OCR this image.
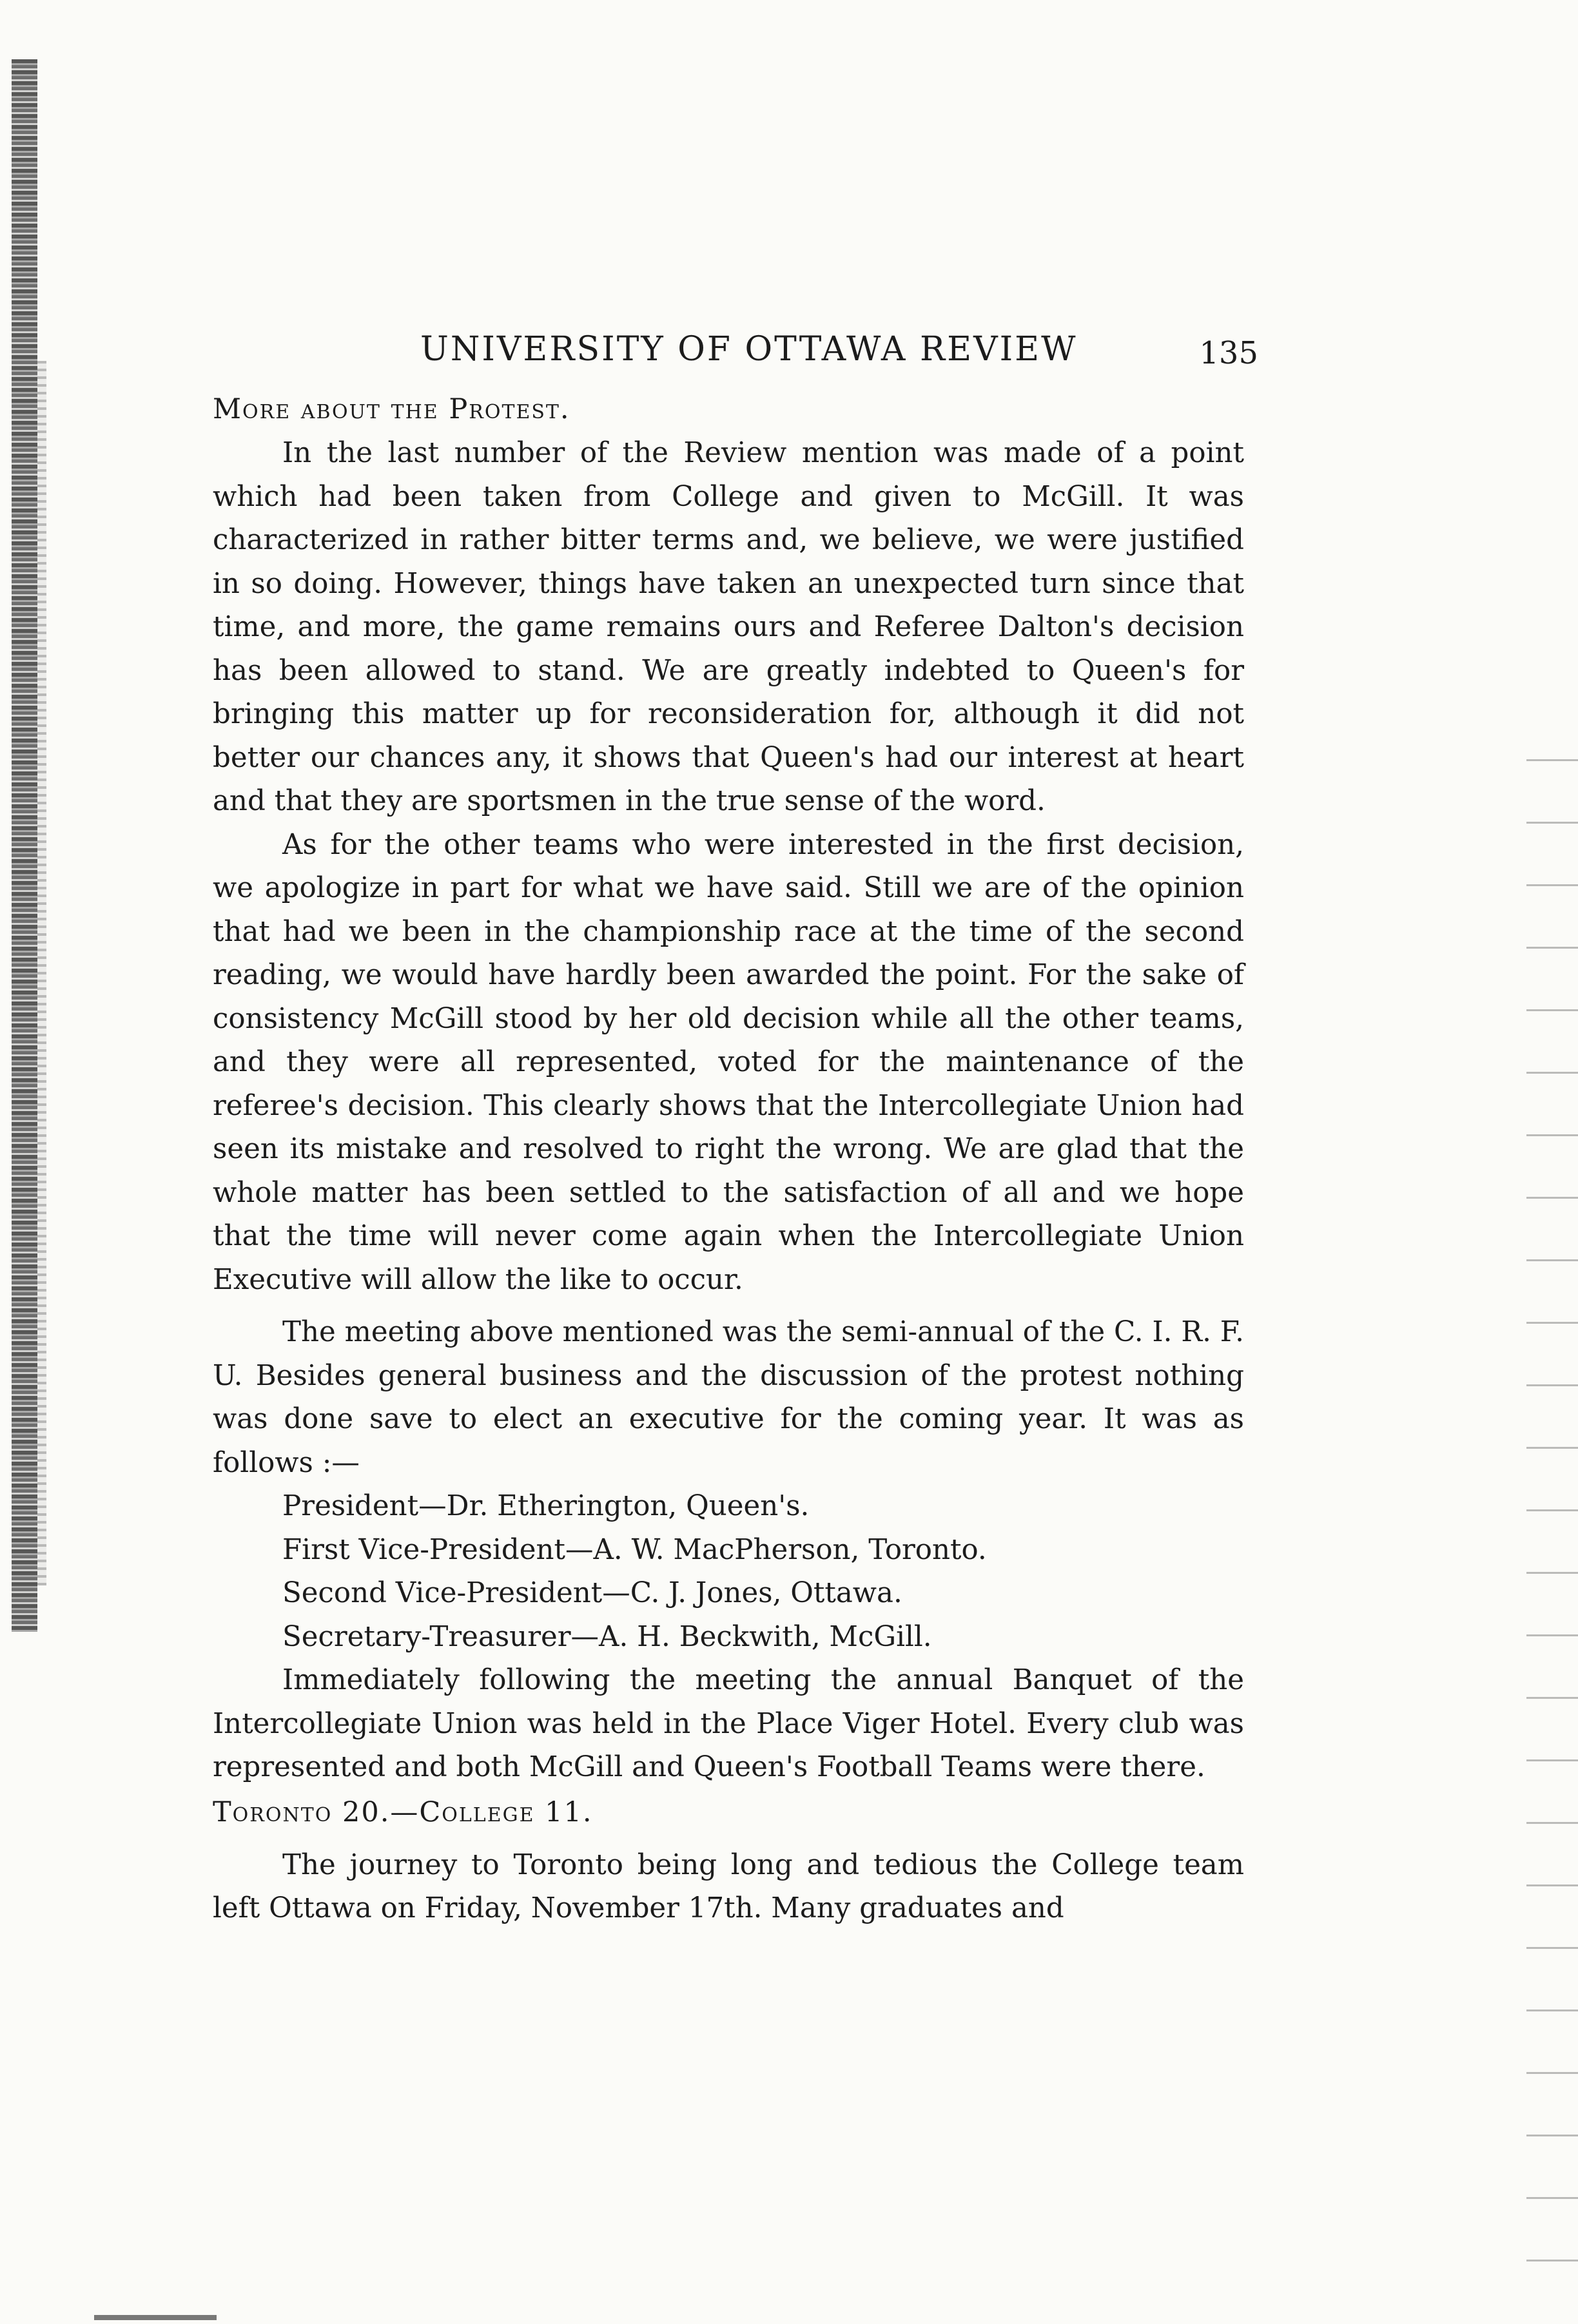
UNIVERSITY OF OTTAWA REVIEW	135

More about the Protest.

In the last number of the Review mention was made of a point which had been taken from College and given to McGill. It was characterized in rather bitter terms and, we believe, we were justified in so doing. However, things have taken an unexpected turn since that time, and more, the game remains ours and Referee Dalton's decision has been allowed to stand. We are greatly indebted to Queen's for bringing this matter up for reconsideration for, although it did not better our chances any, it shows that Queen's had our interest at heart and that they are sportsmen in the true sense of the word.

As for the other teams who were interested in the first decision, we apologize in part for what we have said. Still we are of the opinion that had we been in the championship race at the time of the second reading, we would have hardly been awarded the point. For the sake of consistency McGill stood by her old decision while all the other teams, and they were all represented, voted for the maintenance of the referee's decision. This clearly shows that the Intercollegiate Union had seen its mistake and resolved to right the wrong. We are glad that the whole matter has been settled to the satisfaction of all and we hope that the time will never come again when the Intercollegiate Union Executive will allow the like to occur.

The meeting above mentioned was the semi-annual of the C. I. R. F. U. Besides general business and the discussion of the protest nothing was done save to elect an executive for the coming year. It was as follows :—

President—Dr. Etherington, Queen's.

First Vice-President—A. W. MacPherson, Toronto.

Second Vice-President—C. J. Jones, Ottawa.

Secretary-Treasurer—A. H. Beckwith, McGill.

Immediately following the meeting the annual Banquet of the Intercollegiate Union was held in the Place Viger Hotel. Every club was represented and both McGill and Queen's Football Teams were there.

Toronto 20.—College 11.

The journey to Toronto being long and tedious the College team left Ottawa on Friday, November 17th. Many graduates and
